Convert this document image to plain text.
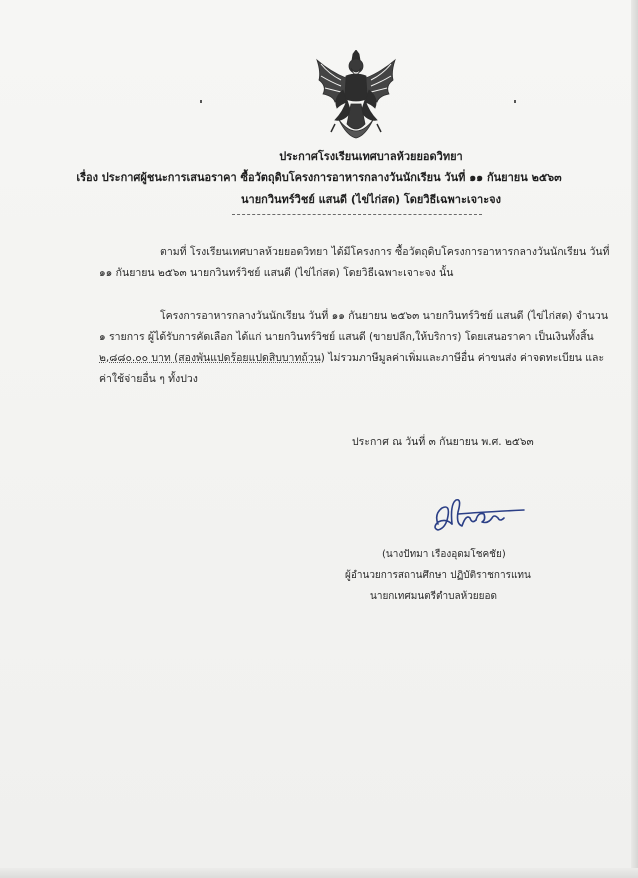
ประกาศโรงเรียนเทศบาลห้วยยอดวิทยา
เรื่อง ประกาศผู้ชนะการเสนอราคา ซื้อวัตถุดิบโครงการอาหารกลางวันนักเรียน วันที่ ๑๑ กันยายน ๒๕๖๓
นายกวินทร์วิชย์ แสนดี (ไข่ไก่สด) โดยวิธีเฉพาะเจาะจง
ตามที่ โรงเรียนเทศบาลห้วยยอดวิทยา ได้มีโครงการ ซื้อวัตถุดิบโครงการอาหารกลางวันนักเรียน วันที่
๑๑ กันยายน ๒๕๖๓ นายกวินทร์วิชย์ แสนดี (ไข่ไก่สด) โดยวิธีเฉพาะเจาะจง นั้น
โครงการอาหารกลางวันนักเรียน วันที่ ๑๑ กันยายน ๒๕๖๓ นายกวินทร์วิชย์ แสนดี (ไข่ไก่สด) จำนวน
๑ รายการ ผู้ได้รับการคัดเลือก ได้แก่ นายกวินทร์วิชย์ แสนดี (ขายปลีก,ให้บริการ) โดยเสนอราคา เป็นเงินทั้งสิ้น
๒,๘๘๐.๐๐ บาท (สองพันแปดร้อยแปดสิบบาทถ้วน) ไม่รวมภาษีมูลค่าเพิ่มและภาษีอื่น ค่าขนส่ง ค่าจดทะเบียน และ
ค่าใช้จ่ายอื่น ๆ ทั้งปวง
ประกาศ ณ วันที่ ๓ กันยายน พ.ศ. ๒๕๖๓
(นางปัทมา เรืองอุดมโชคชัย)
ผู้อำนวยการสถานศึกษา ปฏิบัติราชการแทน
นายกเทศมนตรีตำบลห้วยยอด
